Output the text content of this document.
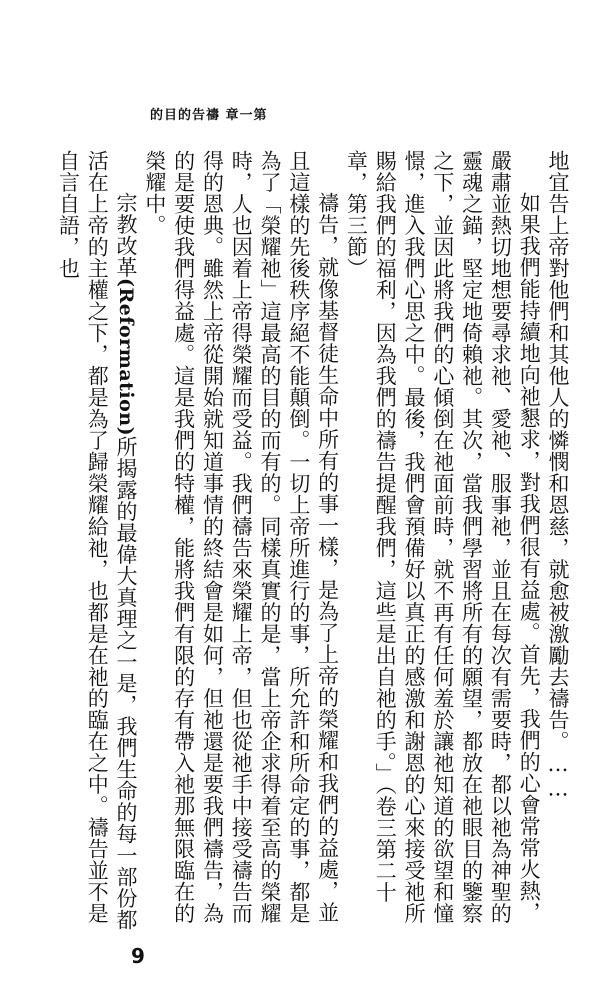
的目的告禱 章一第

地宜告上帝對他們和其他人的憐憫和恩慈，就愈被激勵去禱告。……

如果我們能持續地向祂懇求，對我們很有益處。首先，我們的心會常常火熱，嚴肅並熱切地想要尋求祂、愛祂、服事祂，並且在每次有需要時，都以祂為神聖的靈魂之錨，堅定地倚賴祂。其次，當我們學習將所有的願望，都放在祂眼目的鑒察之下，並因此將我們的心傾倒在祂面前時，就不再有任何羞於讓祂知道的欲望和憧憬，進入我們心思之中。最後，我們會預備好以真正的感激和謝恩的心來接受祂所賜給我們的福利，因為我們的禱告提醒我們，這些是出自祂的手。」（卷三第二十章，第三節）

禱告，就像基督徒生命中所有的事一樣，是為了上帝的榮耀和我們的益處，並且這樣的先後秩序絕不能顛倒。一切上帝所進行的事，所允許和所命定的事，都是為了「榮耀祂」這最高的目的而有的。同樣真實的是，當上帝企求得着至高的榮耀時，人也因着上帝得榮耀而受益。我們禱告來榮耀上帝，但也從祂手中接受禱告而得的恩典。雖然上帝從開始就知道事情的終結會是如何，但祂還是要我們禱告，為的是要使我們得益處。這是我們的特權，能將我們有限的存有帶入祂那無限臨在的榮耀中。

宗教改革(Reformation)所揭露的最偉大真理之一是，我們生命的每一部份都活在上帝的主權之下，都是為了歸榮耀給祂，也都是在祂的臨在之中。禱告並不是自言自語，也

9
